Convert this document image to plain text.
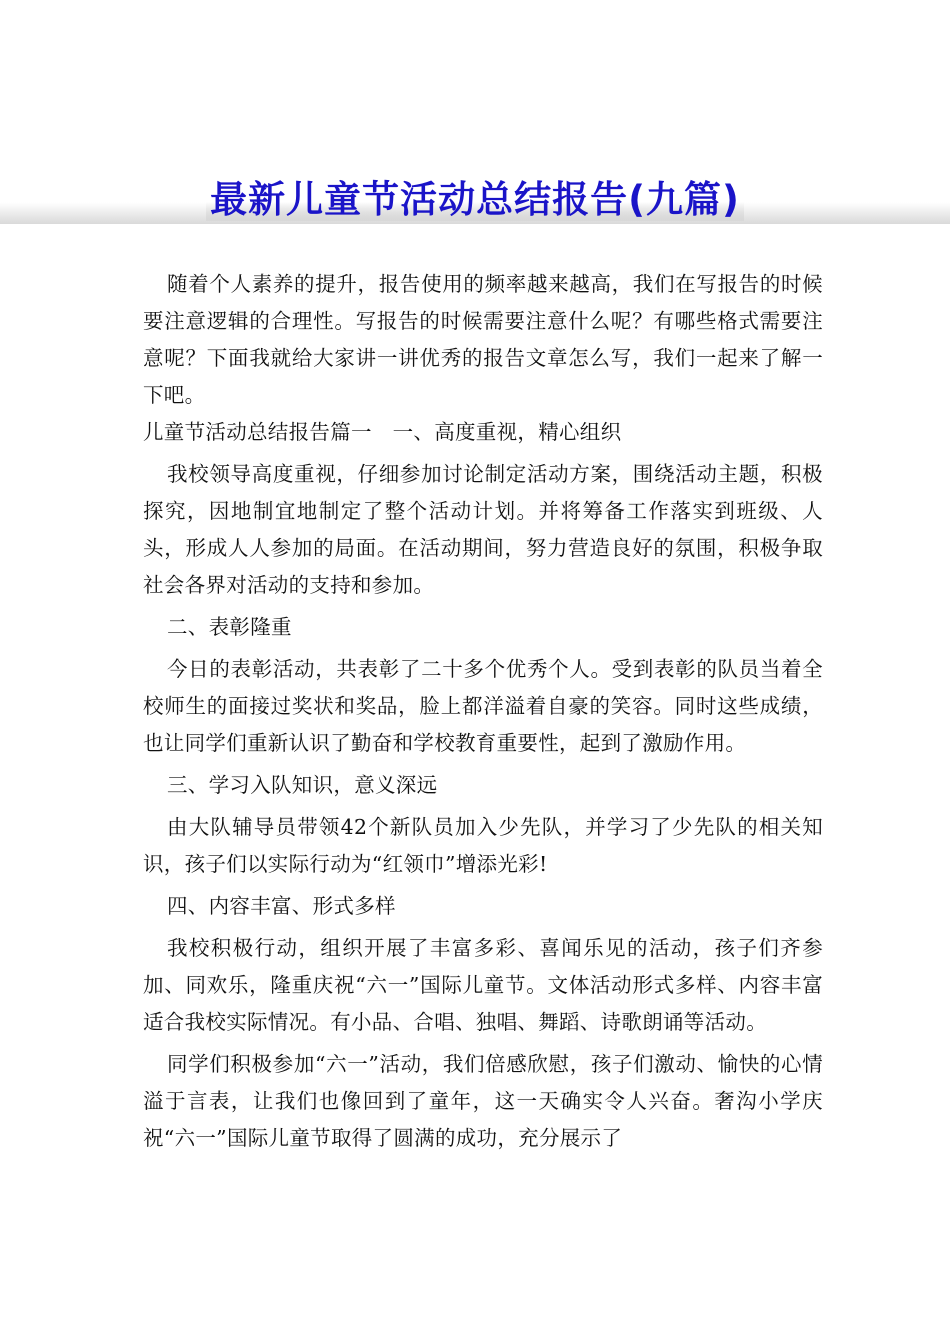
最新儿童节活动总结报告(九篇)

随着个人素养的提升，报告使用的频率越来越高，我们在写报告的时候要注意逻辑的合理性。写报告的时候需要注意什么呢？有哪些格式需要注意呢？下面我就给大家讲一讲优秀的报告文章怎么写，我们一起来了解一下吧。

儿童节活动总结报告篇一　一、高度重视，精心组织

我校领导高度重视，仔细参加讨论制定活动方案，围绕活动主题，积极探究，因地制宜地制定了整个活动计划。并将筹备工作落实到班级、人头，形成人人参加的局面。在活动期间，努力营造良好的氛围，积极争取社会各界对活动的支持和参加。

二、表彰隆重

今日的表彰活动，共表彰了二十多个优秀个人。受到表彰的队员当着全校师生的面接过奖状和奖品，脸上都洋溢着自豪的笑容。同时这些成绩，也让同学们重新认识了勤奋和学校教育重要性，起到了激励作用。

三、学习入队知识，意义深远

由大队辅导员带领42个新队员加入少先队，并学习了少先队的相关知识，孩子们以实际行动为“红领巾”增添光彩!

四、内容丰富、形式多样

我校积极行动，组织开展了丰富多彩、喜闻乐见的活动，孩子们齐参加、同欢乐，隆重庆祝“六一”国际儿童节。文体活动形式多样、内容丰富适合我校实际情况。有小品、合唱、独唱、舞蹈、诗歌朗诵等活动。

同学们积极参加“六一”活动，我们倍感欣慰，孩子们激动、愉快的心情溢于言表，让我们也像回到了童年，这一天确实令人兴奋。奢沟小学庆祝“六一”国际儿童节取得了圆满的成功，充分展示了
